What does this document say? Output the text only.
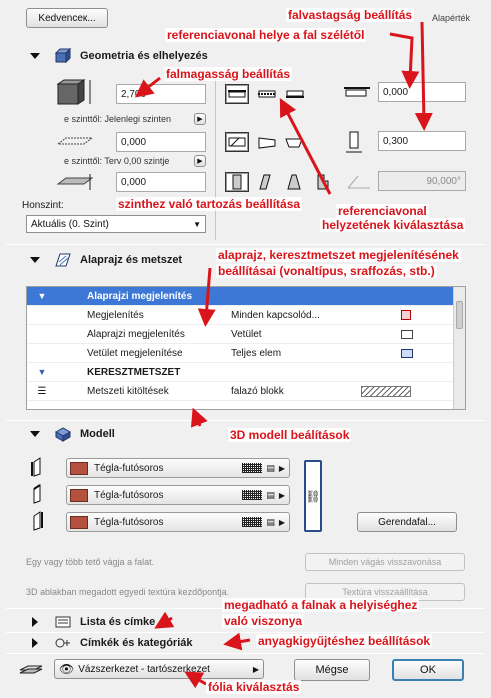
Kedvenceк...	Alapérték
Geometria és elhelyezés
2,700
e szinttől: Jelenlegi szinten	▶
0,000
e szinttől: Terv 0,00 szintje	▶
0,000
Honszint:
Aktuális (0. Szint)	▼
0,000
0,300
90,000°
Alaprajz és metszet
▼	Alaprajzi megjelenítés
Megjelenítés	Minden kapcsolód...
Alaprajzi megjelenítés	Vetület
Vetület megjelenítése	Teljes elem
▼	KERESZTMETSZET
☰	Metszeti kitöltések	falazó blokk
Modell
Tégla-futósoros	▤ ▶
Tégla-futósoros	▤ ▶
Tégla-futósoros	▤ ▶
⛓
Gerendafal...
Egy vagy több tető vágja a falat.	Minden vágás visszavonása
3D ablakban megadott egyedi textúra kezdőpontja.	Textúra visszaállítása
Lista és címke
Címkék és kategóriák
👁 Vázszerkezet - tartószerkezet	▶	Mégse	OK
falvastagság beállítás
referenciavonal helye a fal szélétől
falmagasság beállítás
szinthez való tartozás beállítása	referenciavonal
helyzetének kiválasztása
alaprajz, keresztmetszet megjelenítésének
beállításai (vonaltípus, sraffozás, stb.)
3D modell beálítások
megadható a falnak a helyiséghez
való viszonya
anyagkigyűjtéshez beállítások
fólia kiválasztás
